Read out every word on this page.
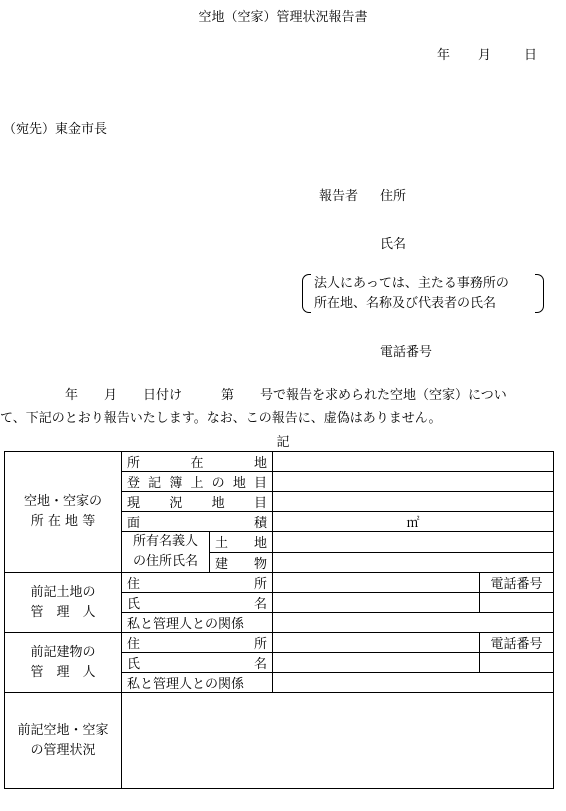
空地（空家）管理状況報告書
年 月	日
（宛先）東金市長
報告者 住所
氏名
法人にあっては、主たる事務所の
所在地、名称及び代表者の氏名
電話番号
　　　　　年　　月　　日付け　　　第　　号で報告を求められた空地（空家）につい
て、下記のとおり報告いたします。なお、この報告に、虚偽はありません。
記
空地・空家の
所 在 地 等	所在地			
	登記簿上の地目			
	現況地目			
	面積		㎡	

	所有名義人
の住所氏名	土地		
		建物		

前記土地の
管　理　人	住所			電話番号
	氏名			
	私と管理人との関係			

前記建物の
管　理　人	住所			電話番号
	氏名			
	私と管理人との関係			

前記空地・空家
の管理状況				
